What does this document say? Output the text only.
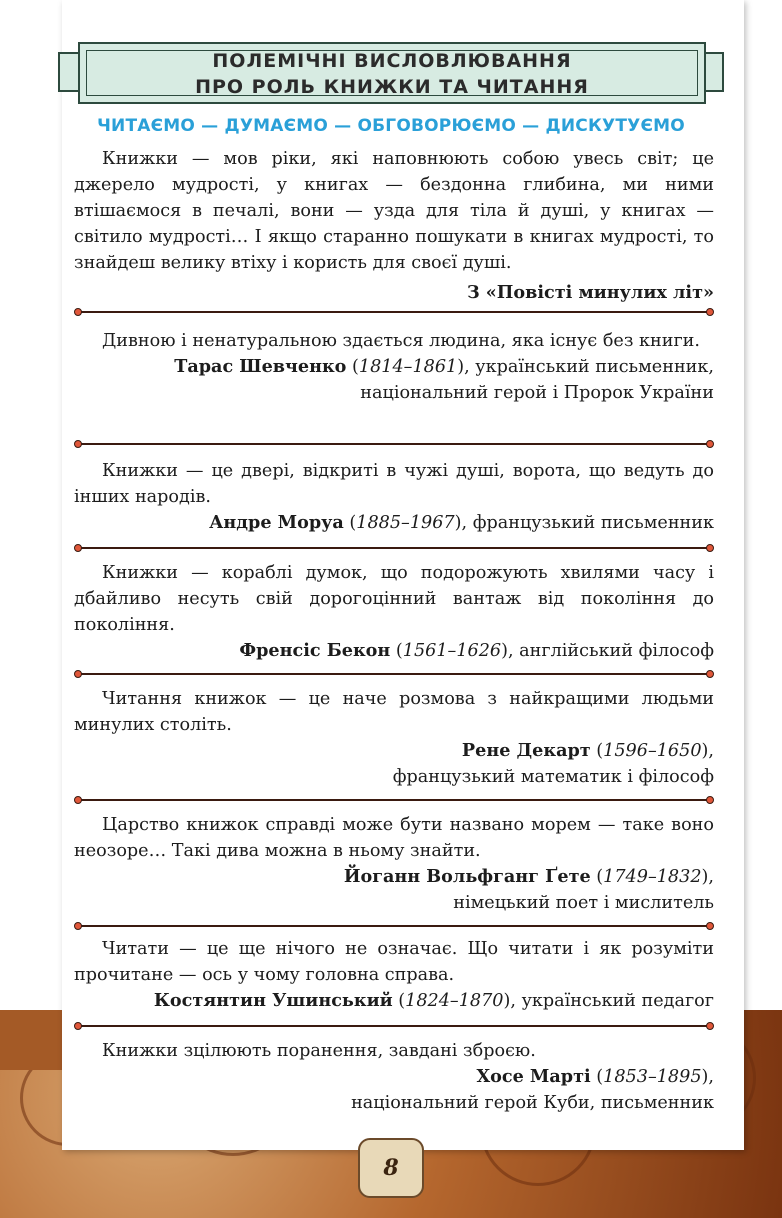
ПОЛЕМІЧНІ ВИСЛОВЛЮВАННЯ
ПРО РОЛЬ КНИЖКИ ТА ЧИТАННЯ
ЧИТАЄМО — ДУМАЄМО — ОБГОВОРЮЄМО — ДИСКУТУЄМО

Книжки — мов ріки, які наповнюють собою увесь світ; це джерело мудрості, у книгах — бездонна глибина, ми ними втішаємося в печалі, вони — узда для тіла й душі, у книгах — світило мудрості… І якщо старанно пошукати в книгах мудрості, то знайдеш велику втіху і користь для своєї душі.

З «Повісті минулих літ»

Дивною і ненатуральною здається людина, яка існує без книги.

Тарас Шевченко (1814–1861), український письменник,

національний герой і Пророк України

Книжки — це двері, відкриті в чужі душі, ворота, що ведуть до інших народів.

Андре Моруа (1885–1967), французький письменник

Книжки — кораблі думок, що подорожують хвилями часу і дбайливо несуть свій дорогоцінний вантаж від покоління до покоління.

Френсіс Бекон (1561–1626), англійський філософ

Читання книжок — це наче розмова з найкращими людьми минулих століть.

Рене Декарт (1596–1650),

французький математик і філософ

Царство книжок справді може бути названо морем — таке воно неозоре… Такі дива можна в ньому знайти.

Йоганн Вольфганг Ґете (1749–1832),

німецький поет і мислитель

Читати — це ще нічого не означає. Що читати і як розуміти прочитане — ось у чому головна справа.

Костянтин Ушинський (1824–1870), український педагог

Книжки зцілюють поранення, завдані зброєю.

Хосе Марті (1853–1895),

національний герой Куби, письменник

8
